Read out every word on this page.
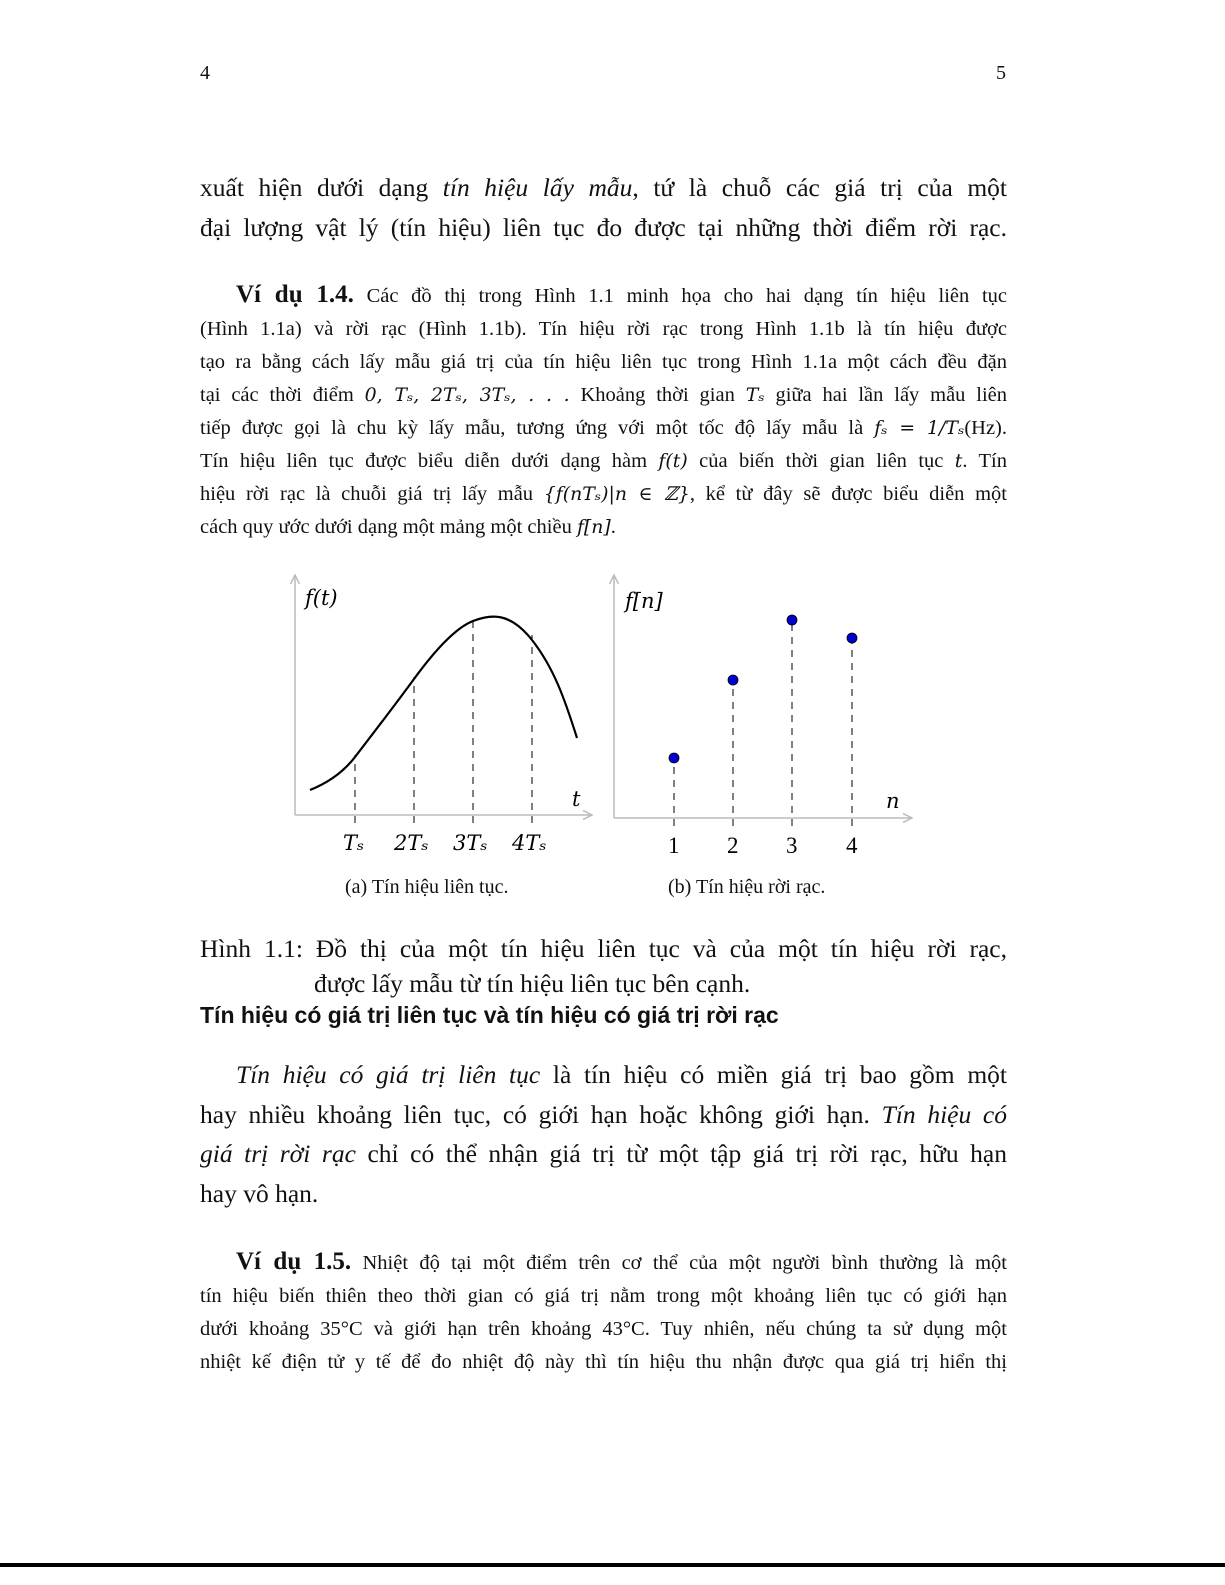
4	5
xuất hiện dưới dạng tín hiệu lấy mẫu, tứ là chuỗ các giá trị của một
đại lượng vật lý (tín hiệu) liên tục đo được tại những thời điểm rời rạc.
Ví dụ 1.4. Các đồ thị trong Hình 1.1 minh họa cho hai dạng tín hiệu liên tục
(Hình 1.1a) và rời rạc (Hình 1.1b). Tín hiệu rời rạc trong Hình 1.1b là tín hiệu được
tạo ra bằng cách lấy mẫu giá trị của tín hiệu liên tục trong Hình 1.1a một cách đều đặn
tại các thời điểm 0, Tₛ, 2Tₛ, 3Tₛ, . . . Khoảng thời gian Tₛ giữa hai lần lấy mẫu liên
tiếp được gọi là chu kỳ lấy mẫu, tương ứng với một tốc độ lấy mẫu là fₛ = 1/Tₛ(Hz).
Tín hiệu liên tục được biểu diễn dưới dạng hàm f(t) của biến thời gian liên tục t. Tín
hiệu rời rạc là chuỗi giá trị lấy mẫu {f(nTₛ)|n ∈ ℤ}, kể từ đây sẽ được biểu diễn một
cách quy ước dưới dạng một mảng một chiều f[n].
f(t)
t
Tₛ 2Tₛ 3Tₛ 4Tₛ
f[n]
n
1 2 3 4
(a) Tín hiệu liên tục.	(b) Tín hiệu rời rạc.
Hình 1.1: Đồ thị của một tín hiệu liên tục và của một tín hiệu rời rạc,
được lấy mẫu từ tín hiệu liên tục bên cạnh.
Tín hiệu có giá trị liên tục và tín hiệu có giá trị rời rạc
Tín hiệu có giá trị liên tục là tín hiệu có miền giá trị bao gồm một
hay nhiều khoảng liên tục, có giới hạn hoặc không giới hạn. Tín hiệu có
giá trị rời rạc chỉ có thể nhận giá trị từ một tập giá trị rời rạc, hữu hạn
hay vô hạn.
Ví dụ 1.5. Nhiệt độ tại một điểm trên cơ thể của một người bình thường là một
tín hiệu biến thiên theo thời gian có giá trị nằm trong một khoảng liên tục có giới hạn
dưới khoảng 35°C và giới hạn trên khoảng 43°C. Tuy nhiên, nếu chúng ta sử dụng một
nhiệt kế điện tử y tế để đo nhiệt độ này thì tín hiệu thu nhận được qua giá trị hiển thị
